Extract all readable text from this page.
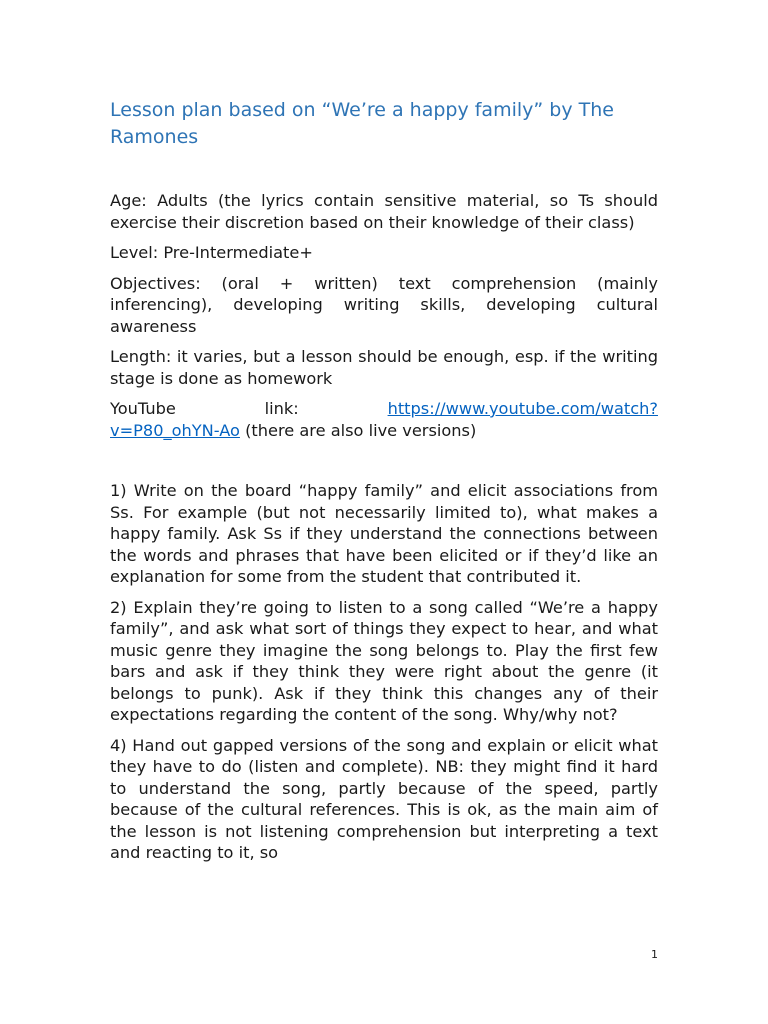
Lesson plan based on “We’re a happy family” by The Ramones

Age: Adults (the lyrics contain sensitive material, so Ts should exercise their discretion based on their knowledge of their class)

Level: Pre-Intermediate+

Objectives: (oral + written) text comprehension (mainly inferencing), developing writing skills, developing cultural awareness

Length: it varies, but a lesson should be enough, esp. if the writing stage is done as homework

YouTube	link:	https://www.youtube.com/watch?
v=P80_ohYN-Ao (there are also live versions)

1) Write on the board “happy family” and elicit associations from Ss. For example (but not necessarily limited to), what makes a happy family. Ask Ss if they understand the connections between the words and phrases that have been elicited or if they’d like an explanation for some from the student that contributed it.

2) Explain they’re going to listen to a song called “We’re a happy family”, and ask what sort of things they expect to hear, and what music genre they imagine the song belongs to. Play the first few bars and ask if they think they were right about the genre (it belongs to punk). Ask if they think this changes any of their expectations regarding the content of the song. Why/why not?

4) Hand out gapped versions of the song and explain or elicit what they have to do (listen and complete). NB: they might find it hard to understand the song, partly because of the speed, partly because of the cultural references. This is ok, as the main aim of the lesson is not listening comprehension but interpreting a text and reacting to it, so

1
